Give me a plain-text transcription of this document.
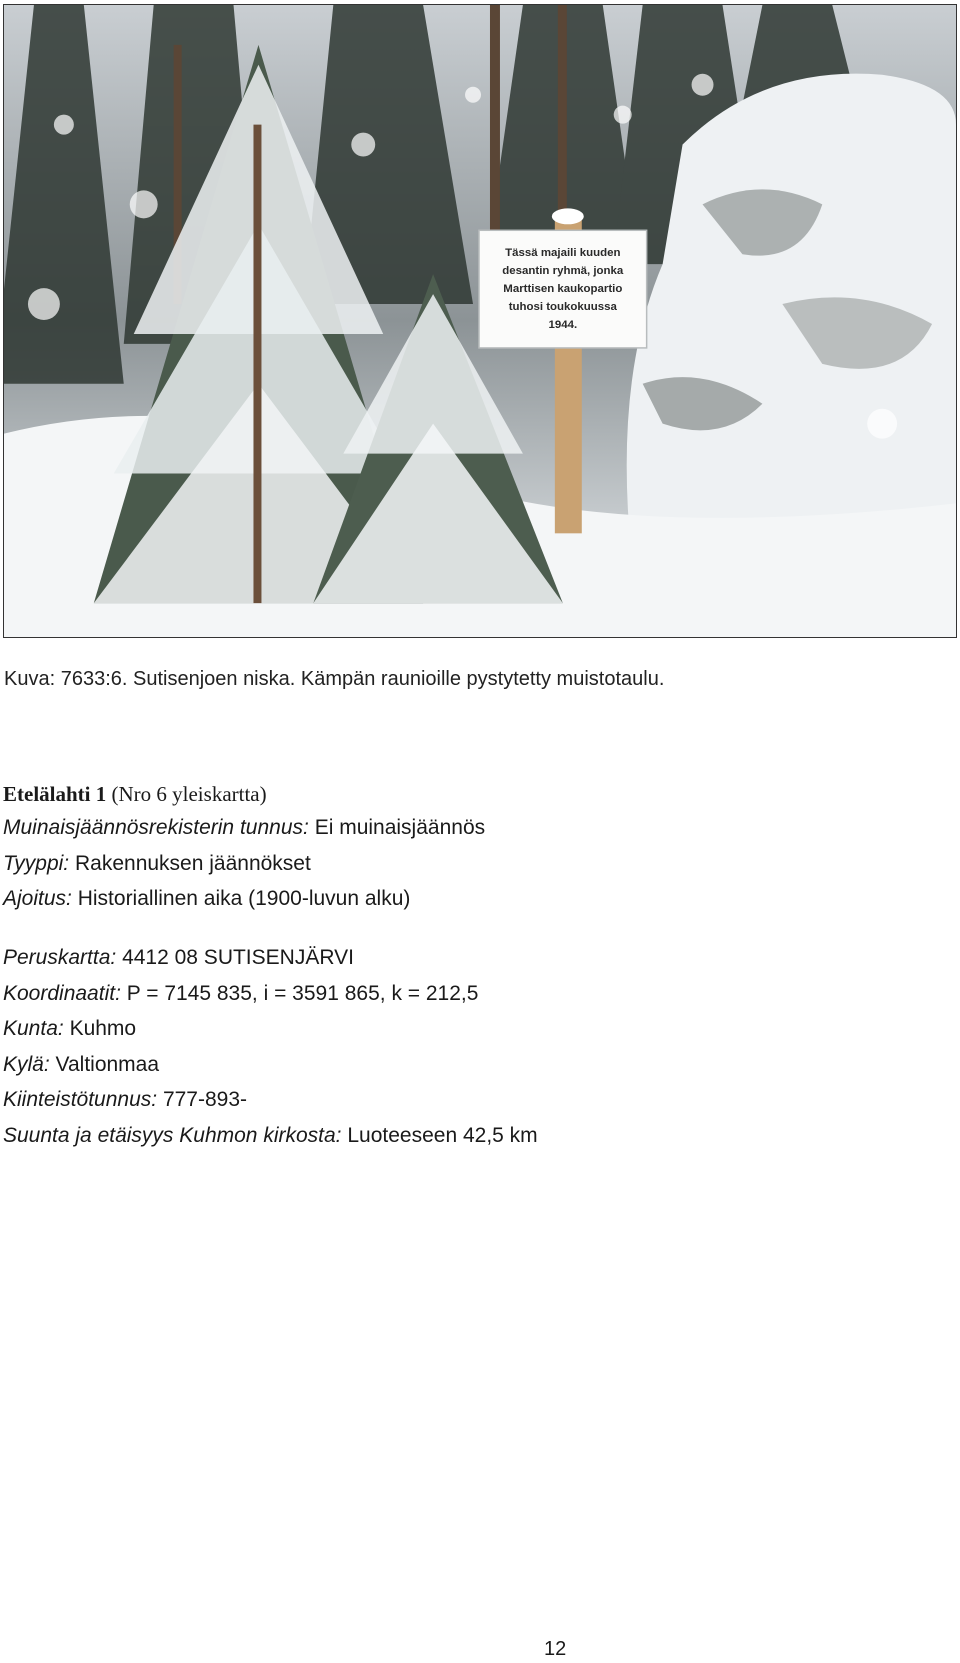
Tässä majaili kuuden
desantin ryhmä, jonka
Marttisen kaukopartio
tuhosi toukokuussa
1944.
Kuva: 7633:6. Sutisenjoen niska. Kämpän raunioille pystytetty muistotaulu.
Etelälahti 1 (Nro 6 yleiskartta)
Muinaisjäännösrekisterin tunnus: Ei muinaisjäännös
Tyyppi: Rakennuksen jäännökset
Ajoitus: Historiallinen aika (1900-luvun alku)
Peruskartta: 4412 08 SUTISENJÄRVI
Koordinaatit: P = 7145 835, i = 3591 865, k = 212,5
Kunta: Kuhmo
Kylä: Valtionmaa
Kiinteistötunnus: 777-893-
Suunta ja etäisyys Kuhmon kirkosta: Luoteeseen 42,5 km
12
